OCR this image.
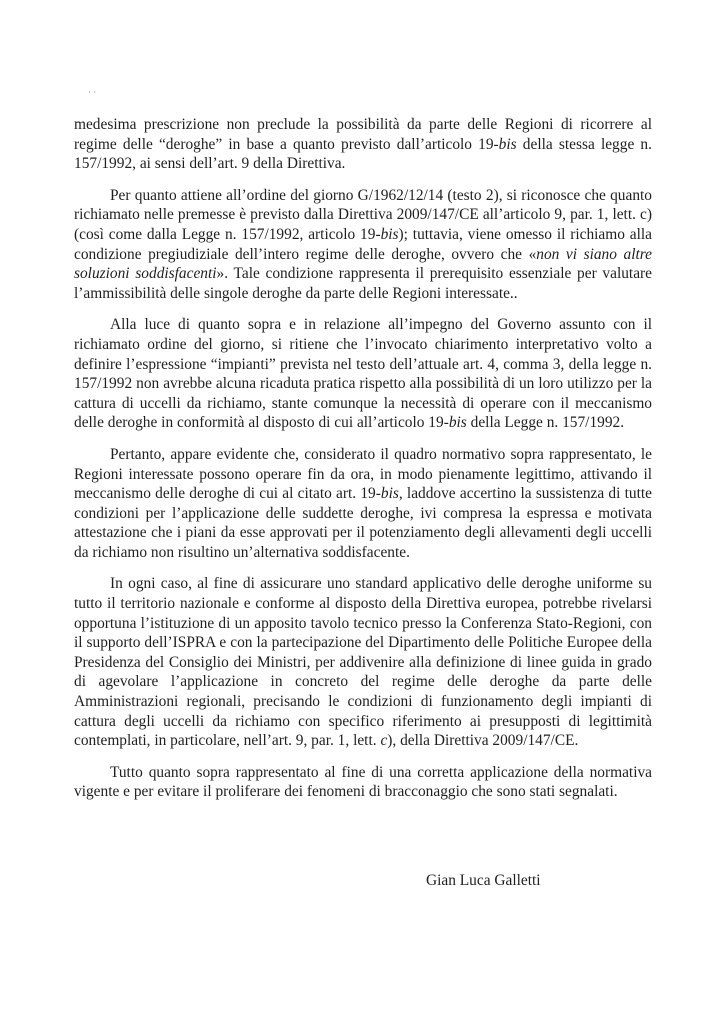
· ·

medesima prescrizione non preclude la possibilità da parte delle Regioni di ricorrere al regime delle “deroghe” in base a quanto previsto dall’articolo 19-bis della stessa legge n. 157/1992, ai sensi dell’art. 9 della Direttiva.

Per quanto attiene all’ordine del giorno G/1962/12/14 (testo 2), si riconosce che quanto richiamato nelle premesse è previsto dalla Direttiva 2009/147/CE all’articolo 9, par. 1, lett. c) (così come dalla Legge n. 157/1992, articolo 19-bis); tuttavia, viene omesso il richiamo alla condizione pregiudiziale dell’intero regime delle deroghe, ovvero che «non vi siano altre soluzioni soddisfacenti». Tale condizione rappresenta il prerequisito essenziale per valutare l’ammissibilità delle singole deroghe da parte delle Regioni interessate..

Alla luce di quanto sopra e in relazione all’impegno del Governo assunto con il richiamato ordine del giorno, si ritiene che l’invocato chiarimento interpretativo volto a definire l’espressione “impianti” prevista nel testo dell’attuale art. 4, comma 3, della legge n. 157/1992 non avrebbe alcuna ricaduta pratica rispetto alla possibilità di un loro utilizzo per la cattura di uccelli da richiamo, stante comunque la necessità di operare con il meccanismo delle deroghe in conformità al disposto di cui all’articolo 19-bis della Legge n. 157/1992.

Pertanto, appare evidente che, considerato il quadro normativo sopra rappresentato, le Regioni interessate possono operare fin da ora, in modo pienamente legittimo, attivando il meccanismo delle deroghe di cui al citato art. 19-bis, laddove accertino la sussistenza di tutte condizioni per l’applicazione delle suddette deroghe, ivi compresa la espressa e motivata attestazione che i piani da esse approvati per il potenziamento degli allevamenti degli uccelli da richiamo non risultino un’alternativa soddisfacente.

In ogni caso, al fine di assicurare uno standard applicativo delle deroghe uniforme su tutto il territorio nazionale e conforme al disposto della Direttiva europea, potrebbe rivelarsi opportuna l’istituzione di un apposito tavolo tecnico presso la Conferenza Stato-Regioni, con il supporto dell’ISPRA e con la partecipazione del Dipartimento delle Politiche Europee della Presidenza del Consiglio dei Ministri, per addivenire alla definizione di linee guida in grado di agevolare l’applicazione in concreto del regime delle deroghe da parte delle Amministrazioni regionali, precisando le condizioni di funzionamento degli impianti di cattura degli uccelli da richiamo con specifico riferimento ai presupposti di legittimità contemplati, in particolare, nell’art. 9, par. 1, lett. c), della Direttiva 2009/147/CE.

Tutto quanto sopra rappresentato al fine di una corretta applicazione della normativa vigente e per evitare il proliferare dei fenomeni di bracconaggio che sono stati segnalati.

Gian Luca Galletti
